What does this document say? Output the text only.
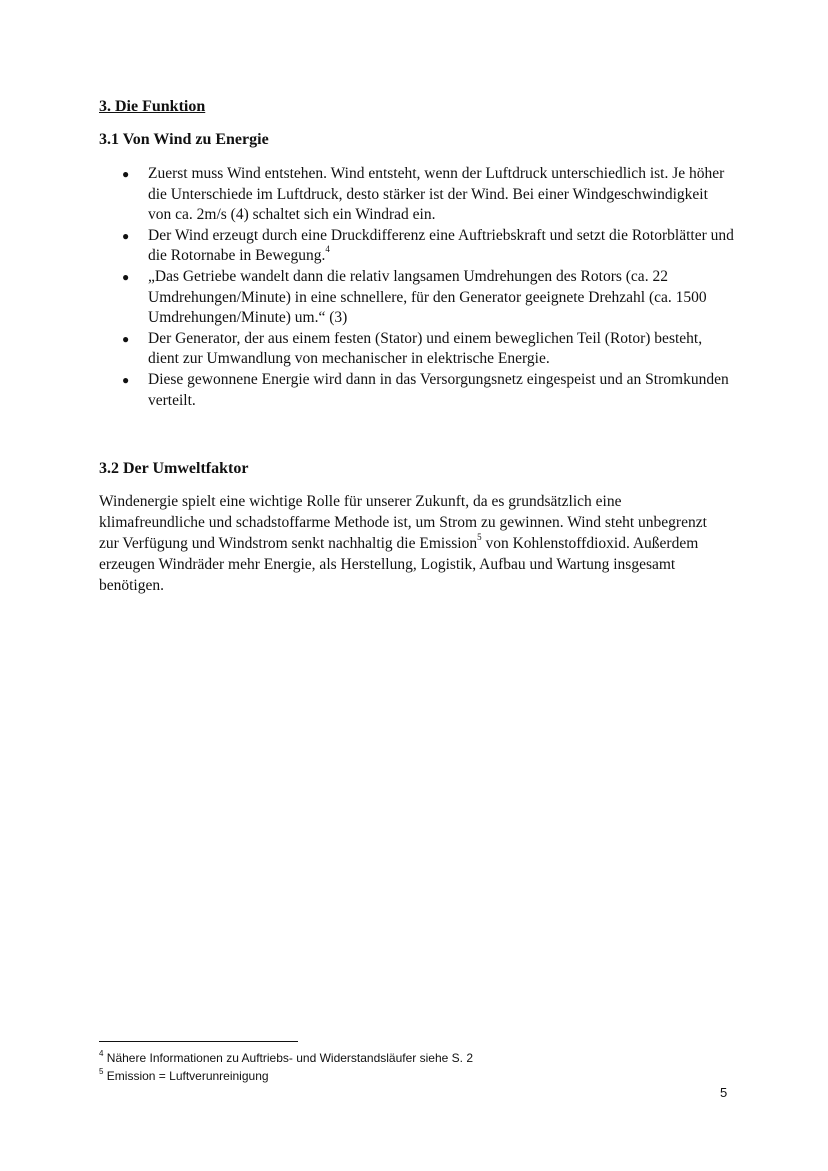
3. Die Funktion
3.1 Von Wind zu Energie
● Zuerst muss Wind entstehen. Wind entsteht, wenn der Luftdruck unterschiedlich ist. Je höher die Unterschiede im Luftdruck, desto stärker ist der Wind. Bei einer Windgeschwindigkeit von ca. 2m/s (4) schaltet sich ein Windrad ein.
● Der Wind erzeugt durch eine Druckdifferenz eine Auftriebskraft und setzt die Rotorblätter und die Rotornabe in Bewegung.$^4$
● „Das Getriebe wandelt dann die relativ langsamen Umdrehungen des Rotors (ca. 22 Umdrehungen/Minute) in eine schnellere, für den Generator geeignete Drehzahl (ca. 1500 Umdrehungen/Minute) um.“ (3)
● Der Generator, der aus einem festen (Stator) und einem beweglichen Teil (Rotor) besteht, dient zur Umwandlung von mechanischer in elektrische Energie.
● Diese gewonnene Energie wird dann in das Versorgungsnetz eingespeist und an Stromkunden verteilt.
3.2 Der Umweltfaktor

Windenergie spielt eine wichtige Rolle für unserer Zukunft, da es grundsätzlich eine klimafreundliche und schadstoffarme Methode ist, um Strom zu gewinnen. Wind steht unbegrenzt zur Verfügung und Windstrom senkt nachhaltig die Emission$^5$ von Kohlenstoffdioxid. Außerdem erzeugen Windräder mehr Energie, als Herstellung, Logistik, Aufbau und Wartung insgesamt benötigen.

$^4$ Nähere Informationen zu Auftriebs- und Widerstandsläufer siehe S. 2
$^5$ Emission = Luftverunreinigung
5
